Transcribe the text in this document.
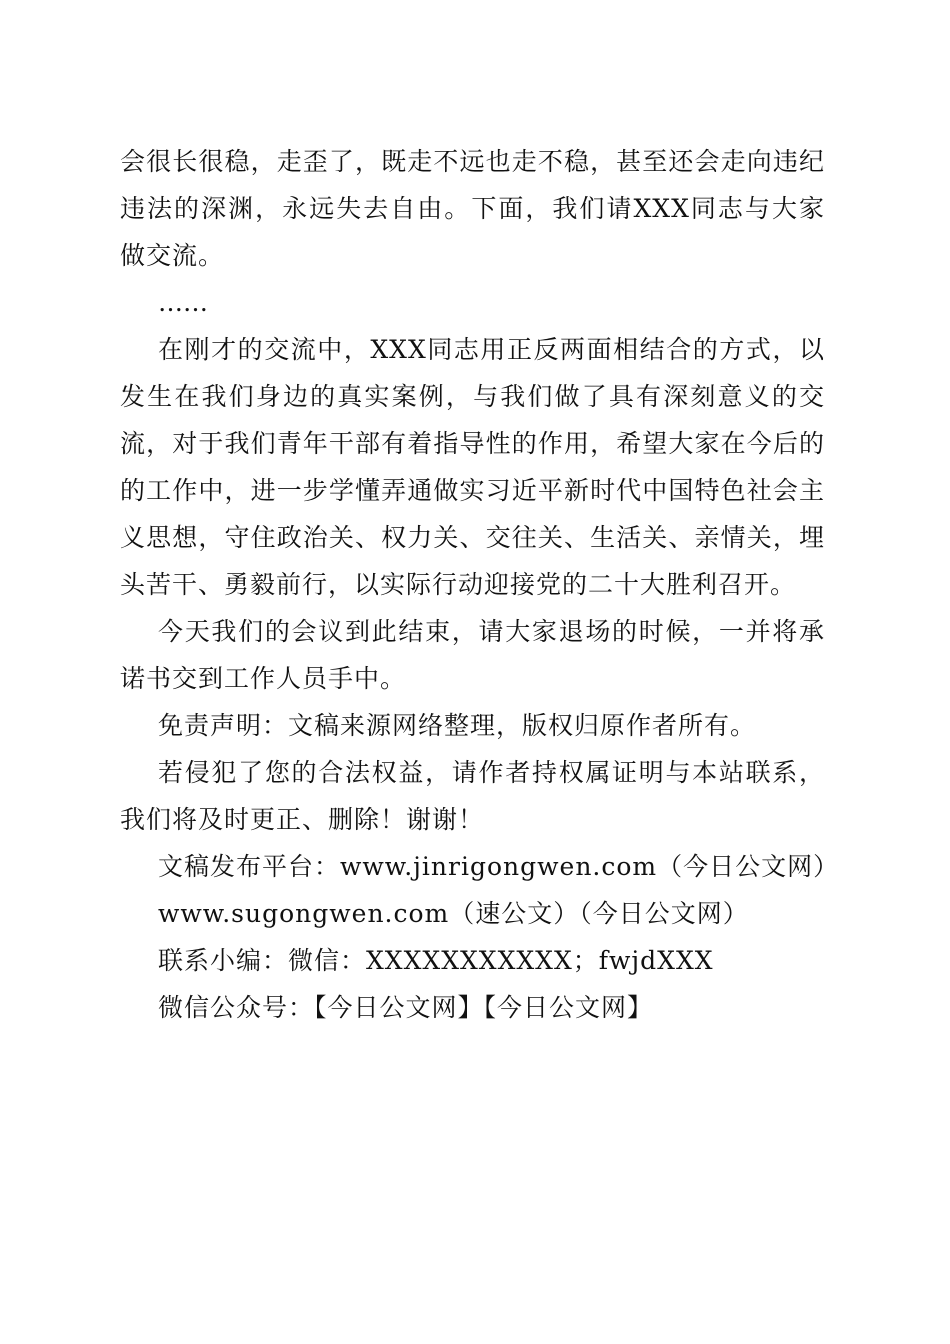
会很长很稳，走歪了，既走不远也走不稳，甚至还会走向违纪违法的深渊，永远失去自由。下面，我们请XXX同志与大家做交流。

……

在刚才的交流中，XXX同志用正反两面相结合的方式，以发生在我们身边的真实案例，与我们做了具有深刻意义的交流，对于我们青年干部有着指导性的作用，希望大家在今后的的工作中，进一步学懂弄通做实习近平新时代中国特色社会主义思想，守住政治关、权力关、交往关、生活关、亲情关，埋头苦干、勇毅前行，以实际行动迎接党的二十大胜利召开。

今天我们的会议到此结束，请大家退场的时候，一并将承诺书交到工作人员手中。

免责声明：文稿来源网络整理，版权归原作者所有。

若侵犯了您的合法权益，请作者持权属证明与本站联系，我们将及时更正、删除！谢谢！

文稿发布平台：www.jinrigongwen.com（今日公文网）

www.sugongwen.com（速公文）（今日公文网）

联系小编：微信：XXXXXXXXXXX；fwjdXXX

微信公众号：【今日公文网】【今日公文网】
